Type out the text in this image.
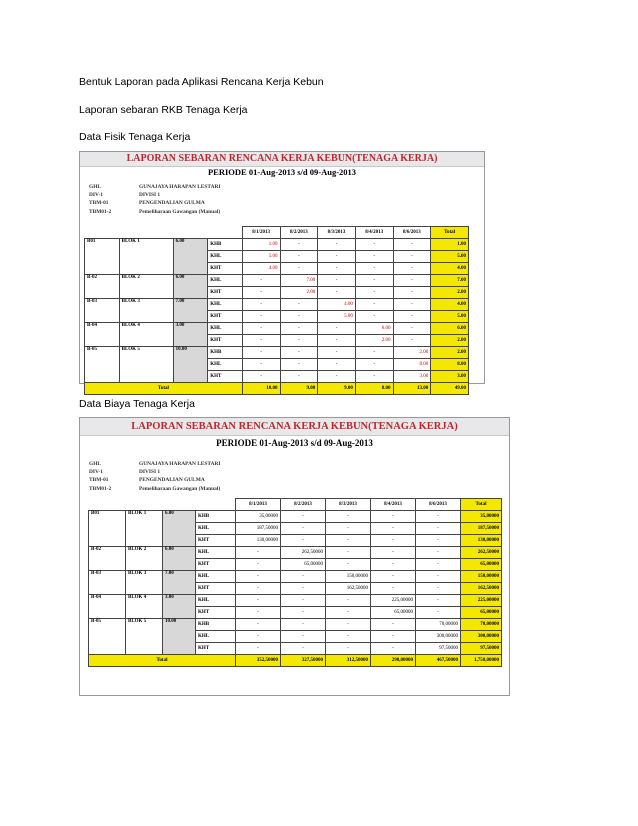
Bentuk Laporan pada Aplikasi Rencana Kerja Kebun
Laporan sebaran RKB Tenaga Kerja
Data Fisik Tenaga Kerja
LAPORAN SEBARAN RENCANA KERJA KEBUN(TENAGA KERJA)
PERIODE 01-Aug-2013 s/d 09-Aug-2013
GHL	GUNAJAYA HARAPAN LESTARI
DIV-1	DIVISI 1
TBM-01	PENGENDALIAN GULMA
TBM01-2	Pemeliharaan Gawangan (Manual)
				8/1/2013	8/2/2013	8/3/2013	8/4/2013	8/6/2013	Total
B01	BLOK 1	6.00	KHB	1.00	-	-	-	-	1.00
			KHL	5.00	-	-	-	-	5.00
			KHT	4.00	-	-	-	-	4.00
B-02	BLOK 2	6.00	KHL	-	7.00	-	-	-	7.00
			KHT	-	2.00	-	-	-	2.00
B-03	BLOK 3	7.00	KHL	-	-	4.00	-	-	4.00
			KHT	-	-	5.00	-	-	5.00
B-04	BLOK 4	3.00	KHL	-	-	-	6.00	-	6.00
			KHT	-	-	-	2.00	-	2.00
B-05	BLOK 5	10.00	KHB	-	-	-	-	2.00	2.00
			KHL	-	-	-	-	8.00	8.00
			KHT	-	-	-	-	3.00	3.00
Total				10.00	9.00	9.00	8.00	13.00	49.00
Data Biaya Tenaga Kerja
LAPORAN SEBARAN RENCANA KERJA KEBUN(TENAGA KERJA)
PERIODE 01-Aug-2013 s/d 09-Aug-2013
GHL	GUNAJAYA HARAPAN LESTARI
DIV-1	DIVISI 1
TBM-01	PENGENDALIAN GULMA
TBM01-2	Pemeliharaan Gawangan (Manual)
				8/1/2013	8/2/2013	8/3/2013	8/4/2013	8/6/2013	Total
B01	BLOK 1	6.00	KHB	35,00000	-	-	-	-	35,00000
			KHL	187,50000	-	-	-	-	187,50000
			KHT	130,00000	-	-	-	-	130,00000
B-02	BLOK 2	6.00	KHL	-	262,50000	-	-	-	262,50000
			KHT	-	65,00000	-	-	-	65,00000
B-03	BLOK 3	7.00	KHL	-	-	150,00000	-	-	150,00000
			KHT	-	-	162,50000	-	-	162,50000
B-04	BLOK 4	3.00	KHL	-	-	-	225,00000	-	225,00000
			KHT	-	-	-	65,00000	-	65,00000
B-05	BLOK 5	10.00	KHB	-	-	-	-	70,00000	70,00000
			KHL	-	-	-	-	300,00000	300,00000
			KHT	-	-	-	-	97,50000	97,50000
Total				352,50000	327,50000	312,50000	290,00000	467,50000	1,750,00000
